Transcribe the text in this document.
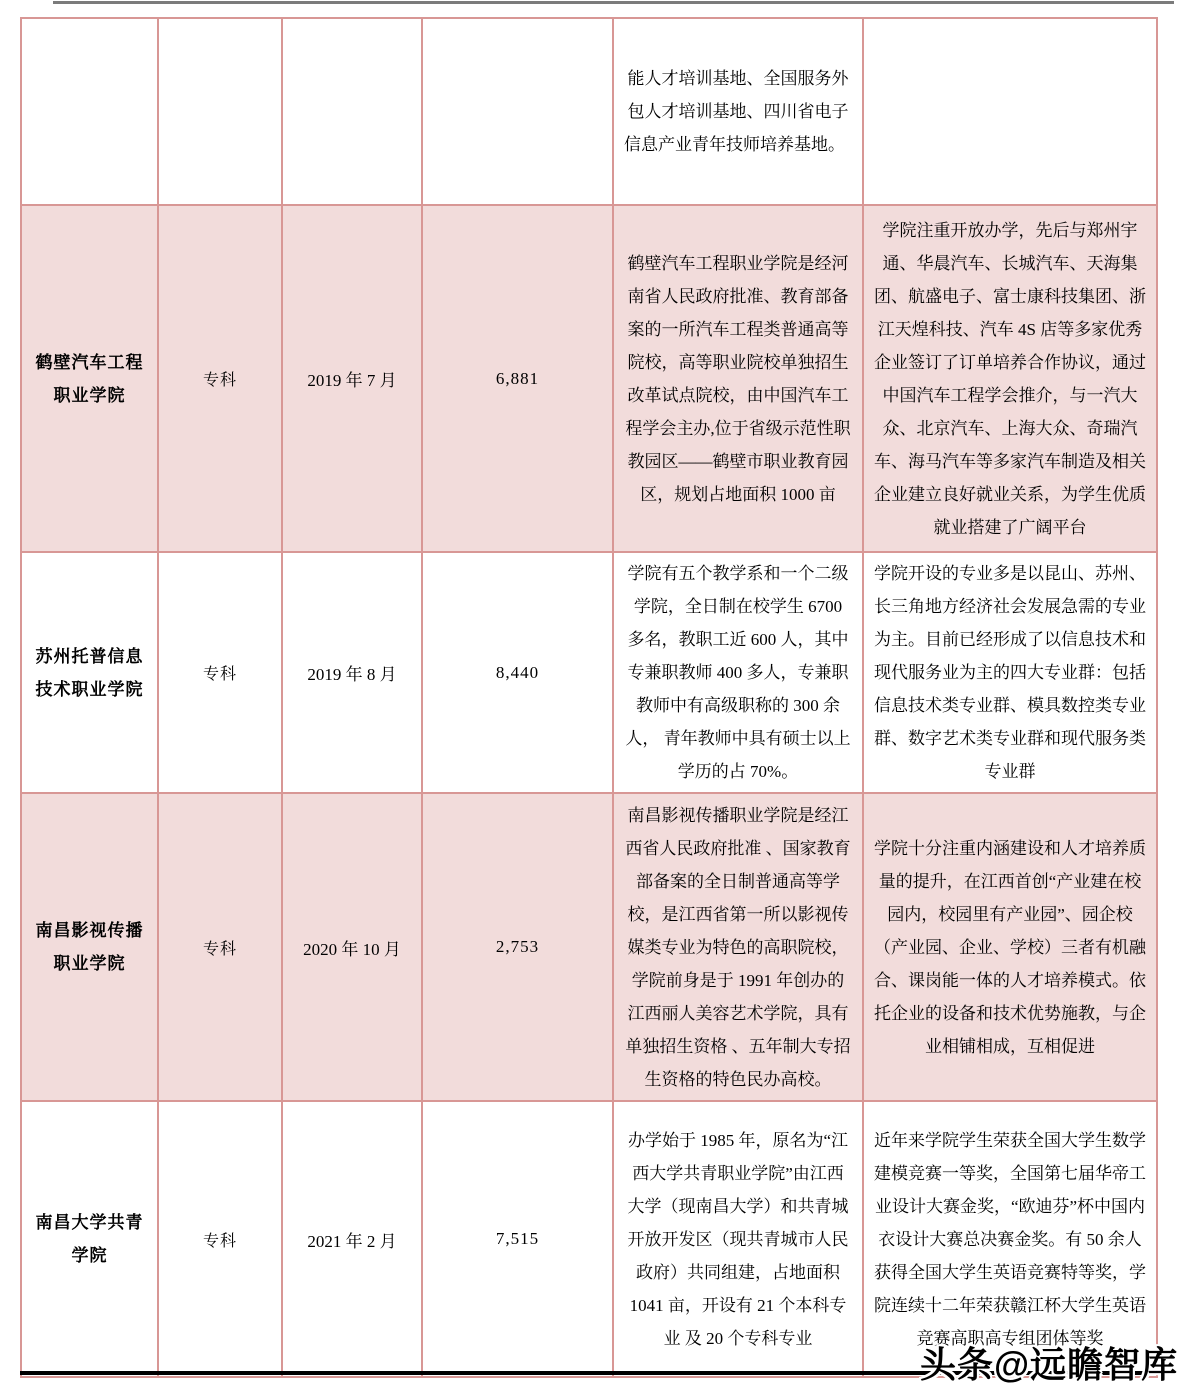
				能人才培训基地、全国服务外包人才培训基地、四川省电子信息产业青年技师培养基地。	
鹤壁汽车工程职业学院	专科	2019 年 7 月	6,881	鹤壁汽车工程职业学院是经河南省人民政府批准、教育部备案的一所汽车工程类普通高等院校，高等职业院校单独招生改革试点院校，由中国汽车工程学会主办,位于省级示范性职教园区——鹤壁市职业教育园区，规划占地面积 1000 亩	学院注重开放办学，先后与郑州宇通、华晨汽车、长城汽车、天海集团、航盛电子、富士康科技集团、浙江天煌科技、汽车 4S 店等多家优秀企业签订了订单培养合作协议，通过中国汽车工程学会推介，与一汽大众、北京汽车、上海大众、奇瑞汽车、海马汽车等多家汽车制造及相关企业建立良好就业关系，为学生优质就业搭建了广阔平台
苏州托普信息技术职业学院	专科	2019 年 8 月	8,440	学院有五个教学系和一个二级学院，全日制在校学生 6700 多名，教职工近 600 人，其中专兼职教师 400 多人，专兼职教师中有高级职称的 300 余人， 青年教师中具有硕士以上学历的占 70%。	学院开设的专业多是以昆山、苏州、长三角地方经济社会发展急需的专业为主。目前已经形成了以信息技术和现代服务业为主的四大专业群：包括信息技术类专业群、模具数控类专业群、数字艺术类专业群和现代服务类专业群
南昌影视传播职业学院	专科	2020 年 10 月	2,753	南昌影视传播职业学院是经江西省人民政府批准 、国家教育部备案的全日制普通高等学校，是江西省第一所以影视传媒类专业为特色的高职院校，学院前身是于 1991 年创办的江西丽人美容艺术学院，具有单独招生资格 、五年制大专招生资格的特色民办高校。	学院十分注重内涵建设和人才培养质量的提升，在江西首创“产业建在校园内，校园里有产业园”、园企校（产业园、企业、学校）三者有机融合、课岗能一体的人才培养模式。依托企业的设备和技术优势施教，与企业相铺相成，互相促进
南昌大学共青学院	专科	2021 年 2 月	7,515	办学始于 1985 年，原名为“江西大学共青职业学院”由江西大学（现南昌大学）和共青城开放开发区（现共青城市人民政府）共同组建，占地面积 1041 亩，开设有 21 个本科专业 及 20 个专科专业	近年来学院学生荣获全国大学生数学建模竞赛一等奖，全国第七届华帝工业设计大赛金奖，“欧迪芬”杯中国内衣设计大赛总决赛金奖。有 50 余人获得全国大学生英语竞赛特等奖，学院连续十二年荣获赣江杯大学生英语竞赛高职高专组团体等奖
头条@远瞻智库
